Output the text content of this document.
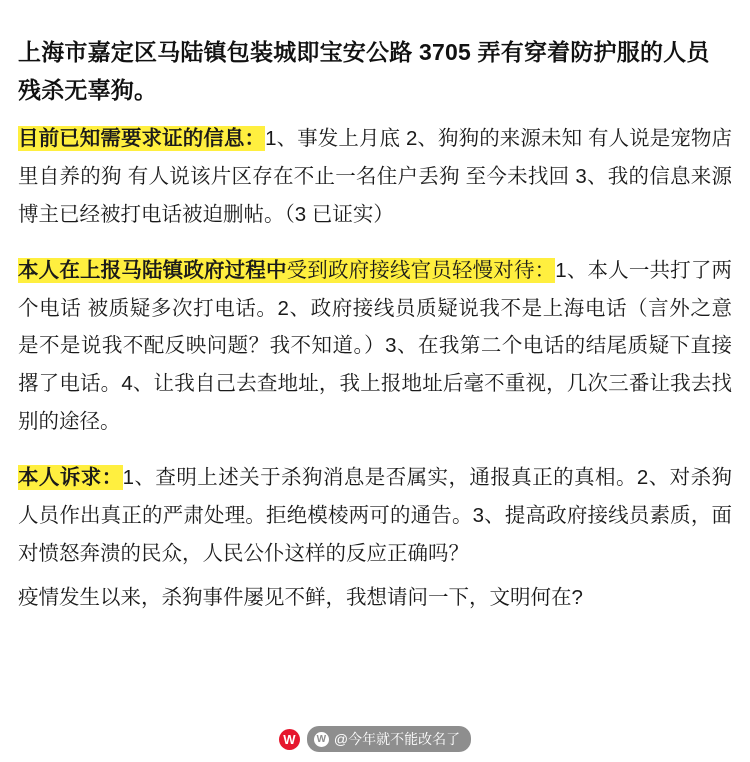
上海市嘉定区马陆镇包装城即宝安公路 3705 弄有穿着防护服的人员残杀无辜狗。

目前已知需要求证的信息：1、事发上月底 2、狗狗的来源未知 有人说是宠物店里自养的狗 有人说该片区存在不止一名住户丢狗 至今未找回 3、我的信息来源博主已经被打电话被迫删帖。（3 已证实）

本人在上报马陆镇政府过程中受到政府接线官员轻慢对待：1、本人一共打了两个电话 被质疑多次打电话。2、政府接线员质疑说我不是上海电话（言外之意是不是说我不配反映问题？我不知道。）3、在我第二个电话的结尾质疑下直接撂了电话。4、让我自己去查地址，我上报地址后毫不重视，几次三番让我去找别的途径。

本人诉求：1、查明上述关于杀狗消息是否属实，通报真正的真相。2、对杀狗人员作出真正的严肃处理。拒绝模棱两可的通告。3、提高政府接线员素质，面对愤怒奔溃的民众，人民公仆这样的反应正确吗？

疫情发生以来，杀狗事件屡见不鲜，我想请问一下，文明何在?

W	W @今年就不能改名了
